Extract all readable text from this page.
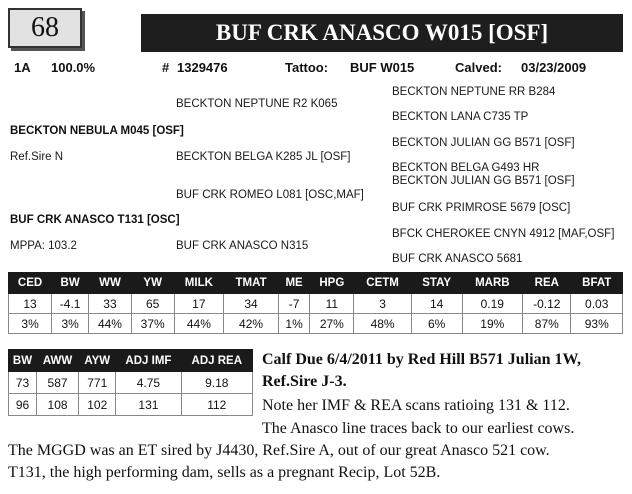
68	BUF CRK ANASCO W015 [OSF]
1A 100.0%	# 1329476	Tattoo: BUF W015	Calved: 03/23/2009
BECKTON NEPTUNE R2 K065
BECKTON NEBULA M045 [OSF]
Ref.Sire N	BECKTON BELGA K285 JL [OSF]
BUF CRK ROMEO L081 [OSC,MAF]
BUF CRK ANASCO T131 [OSC]
MPPA: 103.2	BUF CRK ANASCO N315
BECKTON NEPTUNE RR B284
BECKTON LANA C735 TP
BECKTON JULIAN GG B571 [OSF]
BECKTON BELGA G493 HR
BECKTON JULIAN GG B571 [OSF]
BUF CRK PRIMROSE 5679 [OSC]
BFCK CHEROKEE CNYN 4912 [MAF,OSF]
BUF CRK ANASCO 5681
CED	BW	WW	YW	MILK	TMAT	ME	HPG	CETM	STAY	MARB	REA	BFAT
13	-4.1	33	65	17	34	-7	11	3	14	0.19	-0.12	0.03
3%	3%	44%	37%	44%	42%	1%	27%	48%	6%	19%	87%	93%
BW	AWW	AYW	ADJ IMF	ADJ REA
73	587	771	4.75	9.18
96	108	102	131	112
Calf Due 6/4/2011 by Red Hill B571 Julian 1W,
Ref.Sire J-3.
Note her IMF & REA scans ratioing 131 & 112.
The Anasco line traces back to our earliest cows.
The MGGD was an ET sired by J4430, Ref.Sire A, out of our great Anasco 521 cow.
T131, the high performing dam, sells as a pregnant Recip, Lot 52B.
